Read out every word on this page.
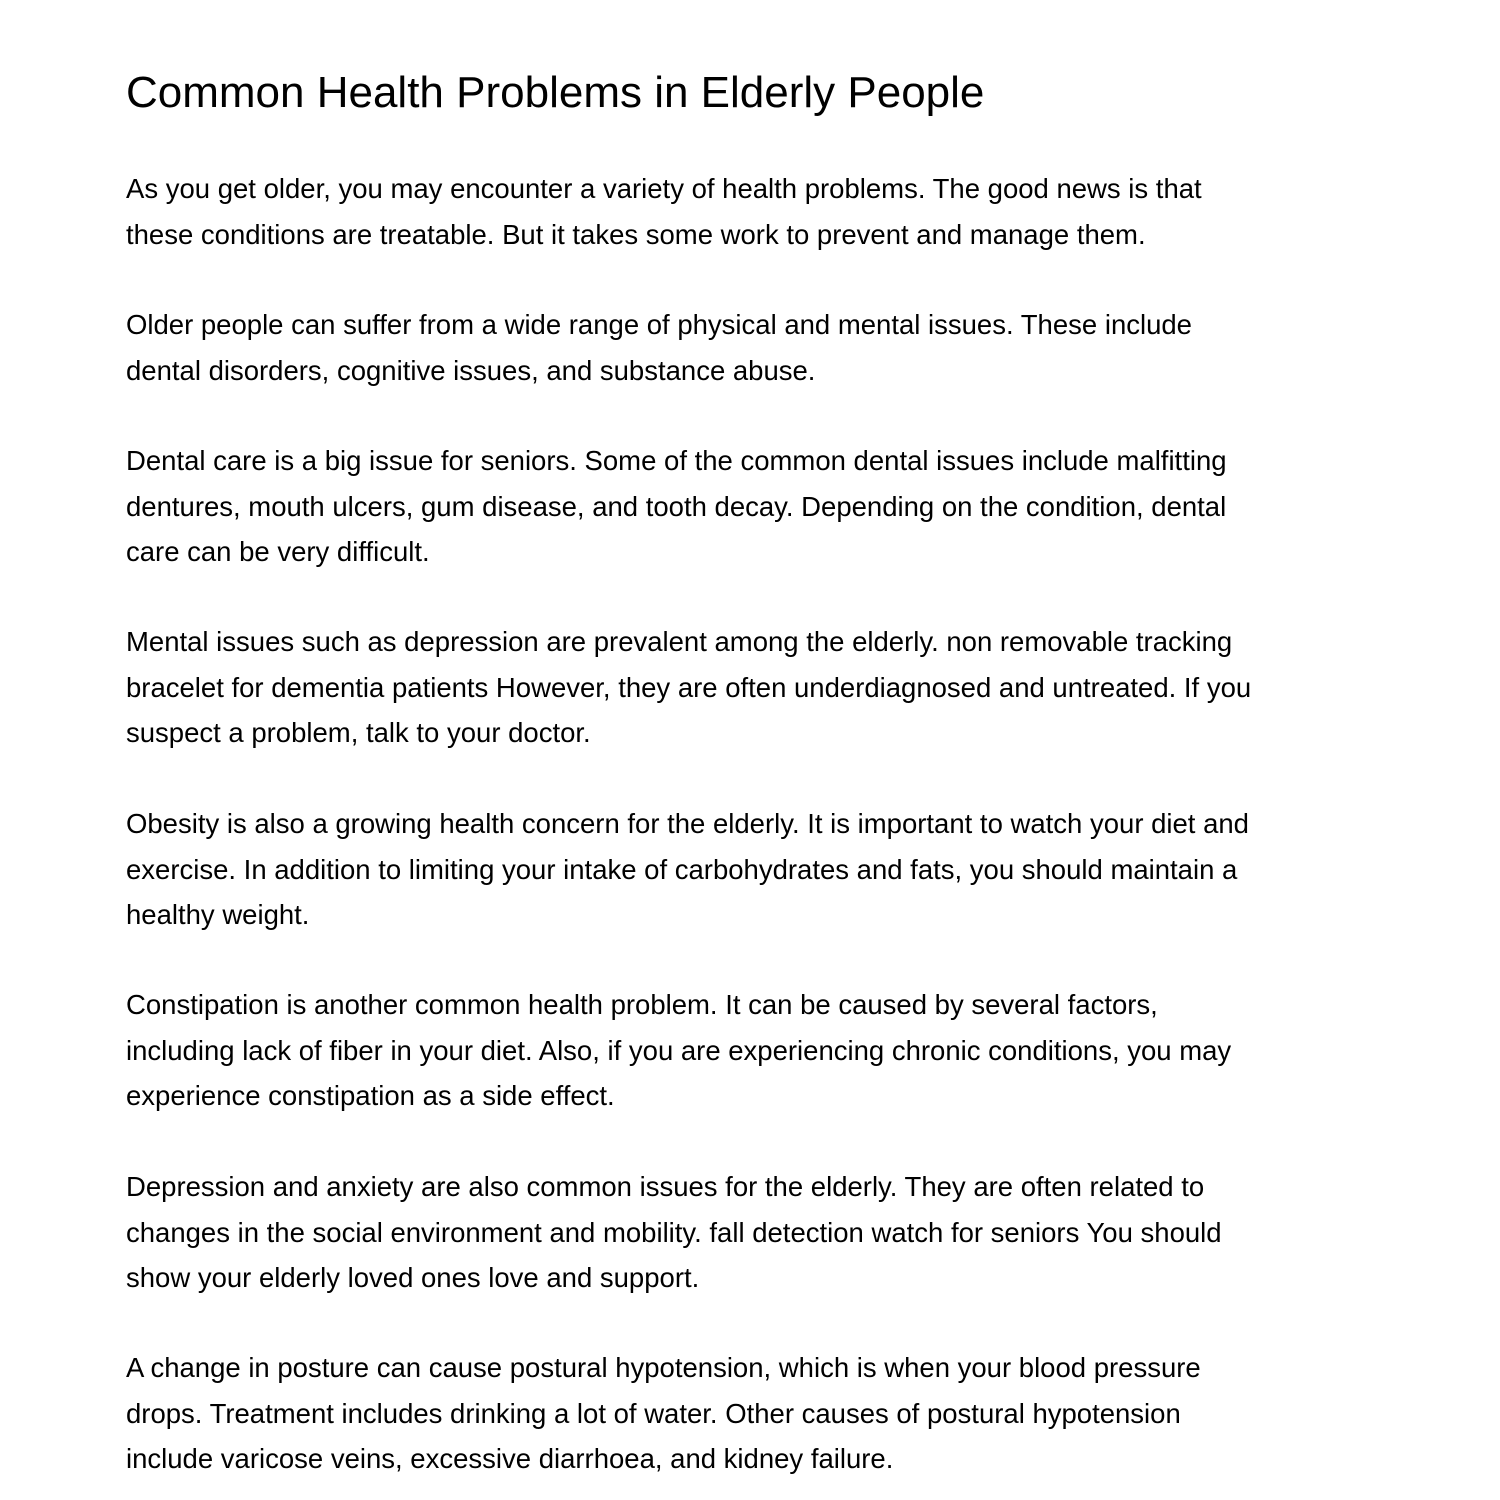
Common Health Problems in Elderly People
As you get older, you may encounter a variety of health problems. The good news is that
these conditions are treatable. But it takes some work to prevent and manage them.
Older people can suffer from a wide range of physical and mental issues. These include
dental disorders, cognitive issues, and substance abuse.
Dental care is a big issue for seniors. Some of the common dental issues include malfitting
dentures, mouth ulcers, gum disease, and tooth decay. Depending on the condition, dental
care can be very difficult.
Mental issues such as depression are prevalent among the elderly. non removable tracking
bracelet for dementia patients However, they are often underdiagnosed and untreated. If you
suspect a problem, talk to your doctor.
Obesity is also a growing health concern for the elderly. It is important to watch your diet and
exercise. In addition to limiting your intake of carbohydrates and fats, you should maintain a
healthy weight.
Constipation is another common health problem. It can be caused by several factors,
including lack of fiber in your diet. Also, if you are experiencing chronic conditions, you may
experience constipation as a side effect.
Depression and anxiety are also common issues for the elderly. They are often related to
changes in the social environment and mobility. fall detection watch for seniors You should
show your elderly loved ones love and support.
A change in posture can cause postural hypotension, which is when your blood pressure
drops. Treatment includes drinking a lot of water. Other causes of postural hypotension
include varicose veins, excessive diarrhoea, and kidney failure.
